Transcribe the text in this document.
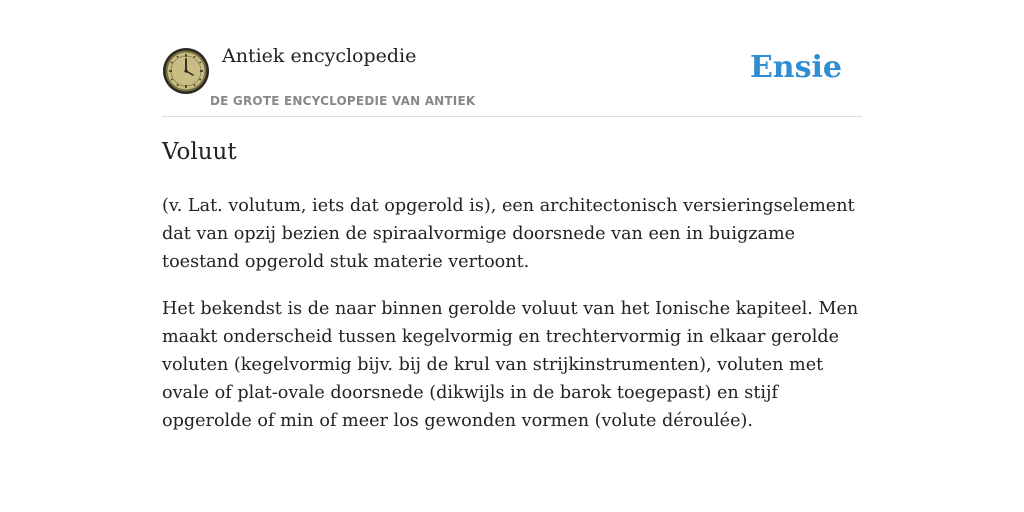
Antiek encyclopedie
DE GROTE ENCYCLOPEDIE VAN ANTIEK
Ensie
Voluut

(v. Lat. volutum, iets dat opgerold is), een architectonisch versieringselement dat van opzij bezien de spiraalvormige doorsnede van een in buigzame toestand opgerold stuk materie vertoont.

Het bekendst is de naar binnen gerolde voluut van het Ionische kapiteel. Men maakt onderscheid tussen kegelvormig en trechtervormig in elkaar gerolde voluten (kegelvormig bijv. bij de krul van strijkinstrumenten), voluten met ovale of plat-ovale doorsnede (dikwijls in de barok toegepast) en stijf opgerolde of min of meer los gewonden vormen (volute déroulée).
